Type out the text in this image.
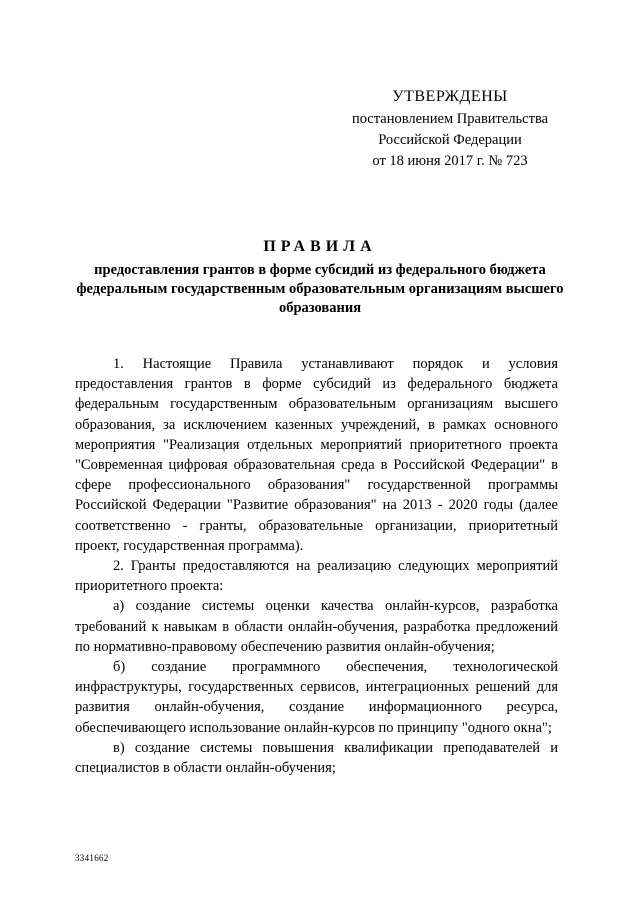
УТВЕРЖДЕНЫ
постановлением Правительства
Российской Федерации
от 18 июня 2017 г. № 723
ПРАВИЛА
предоставления грантов в форме субсидий из федерального бюджета федеральным государственным образовательным организациям высшего образования

1. Настоящие Правила устанавливают порядок и условия предоставления грантов в форме субсидий из федерального бюджета федеральным государственным образовательным организациям высшего образования, за исключением казенных учреждений, в рамках основного мероприятия "Реализация отдельных мероприятий приоритетного проекта "Современная цифровая образовательная среда в Российской Федерации" в сфере профессионального образования" государственной программы Российской Федерации "Развитие образования" на 2013 - 2020 годы (далее соответственно - гранты, образовательные организации, приоритетный проект, государственная программа).

2. Гранты предоставляются на реализацию следующих мероприятий приоритетного проекта:

а) создание системы оценки качества онлайн-курсов, разработка требований к навыкам в области онлайн-обучения, разработка предложений по нормативно-правовому обеспечению развития онлайн-обучения;

б) создание программного обеспечения, технологической инфраструктуры, государственных сервисов, интеграционных решений для развития онлайн-обучения, создание информационного ресурса, обеспечивающего использование онлайн-курсов по принципу "одного окна";

в) создание системы повышения квалификации преподавателей и специалистов в области онлайн-обучения;

3341662
